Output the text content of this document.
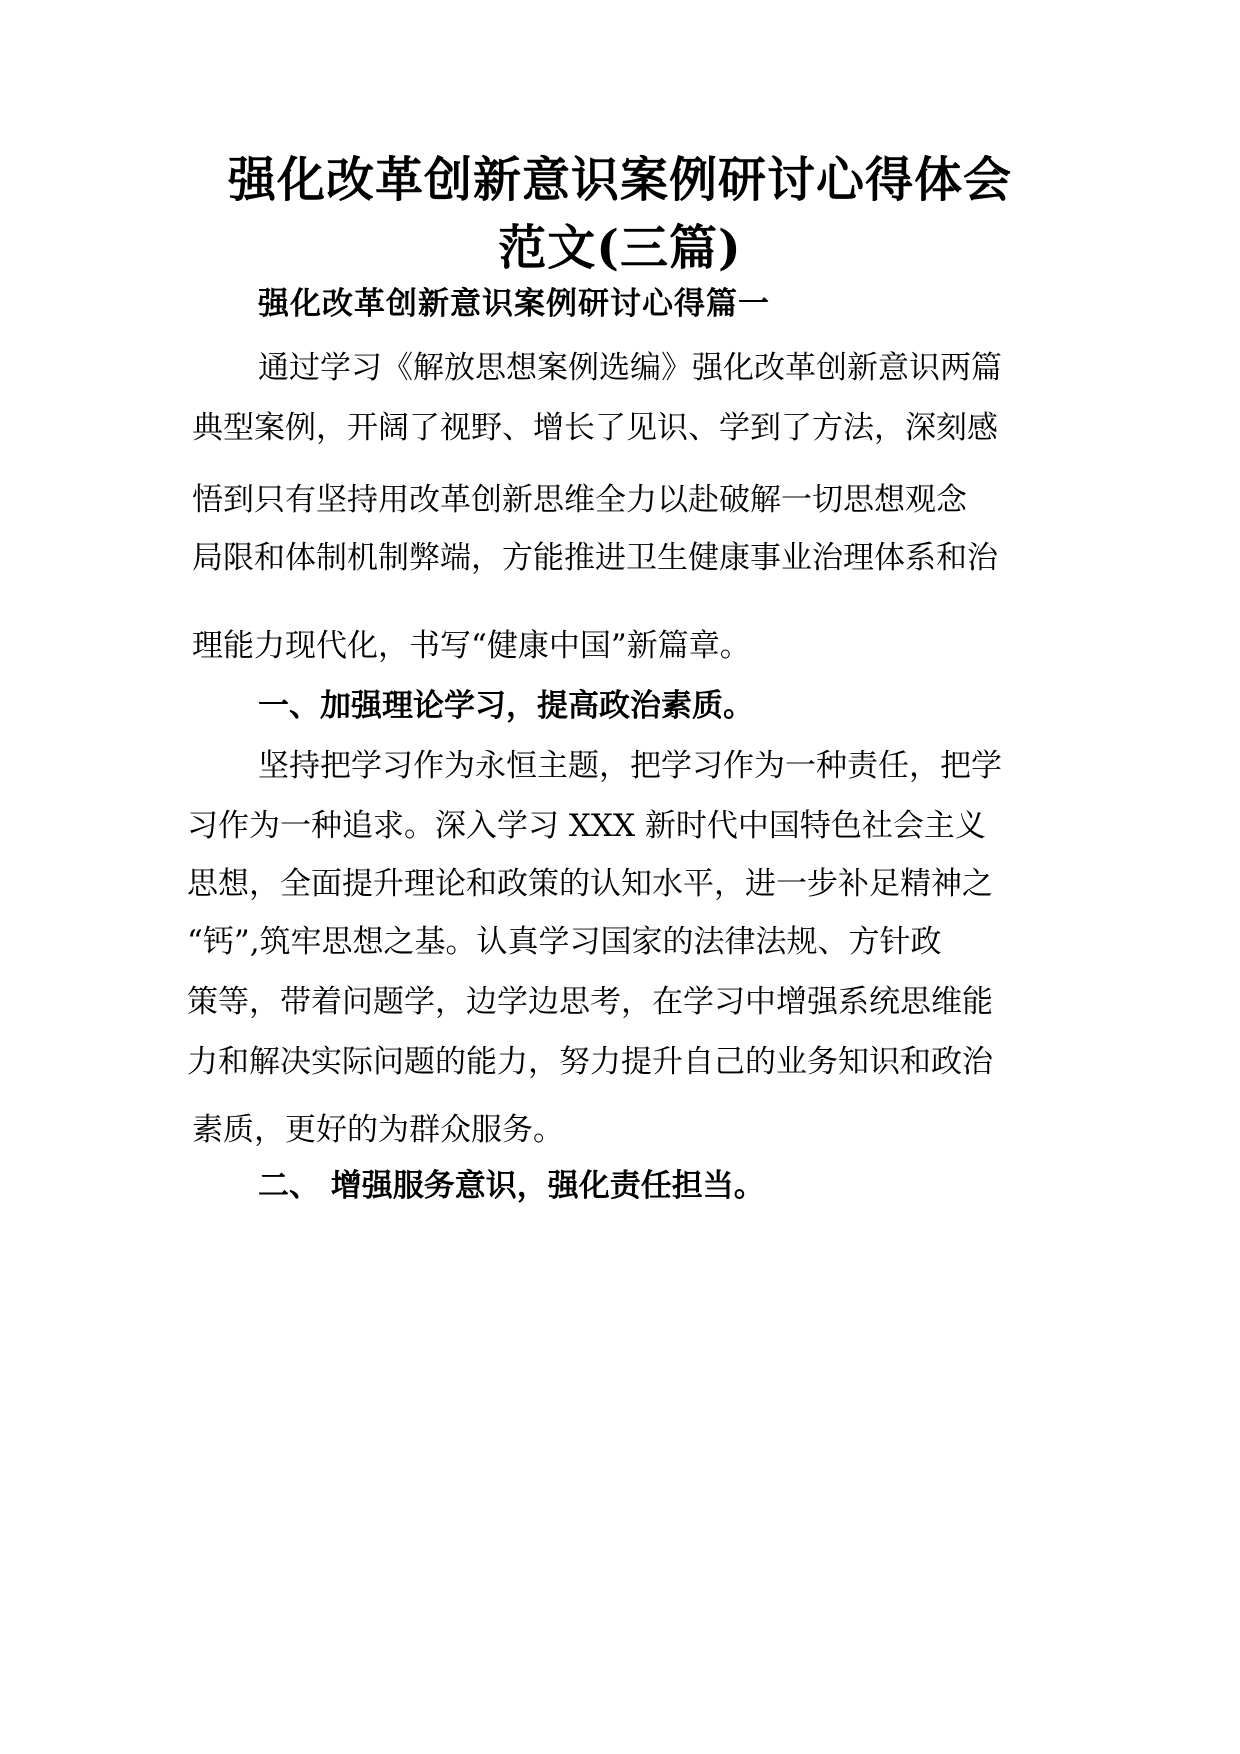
强化改革创新意识案例研讨心得体会
范文(三篇)
强化改革创新意识案例研讨心得篇一
通过学习《解放思想案例选编》强化改革创新意识两篇
典型案例，开阔了视野、增长了见识、学到了方法，深刻感
悟到只有坚持用改革创新思维全力以赴破解一切思想观念
局限和体制机制弊端，方能推进卫生健康事业治理体系和治
理能力现代化，书写“健康中国”新篇章。
一、加强理论学习，提高政治素质。
坚持把学习作为永恒主题，把学习作为一种责任，把学
习作为一种追求。深入学习 XXX 新时代中国特色社会主义
思想，全面提升理论和政策的认知水平，进一步补足精神之
“钙”,筑牢思想之基。认真学习国家的法律法规、方针政
策等，带着问题学，边学边思考，在学习中增强系统思维能
力和解决实际问题的能力，努力提升自己的业务知识和政治
素质，更好的为群众服务。
二、 增强服务意识，强化责任担当。
